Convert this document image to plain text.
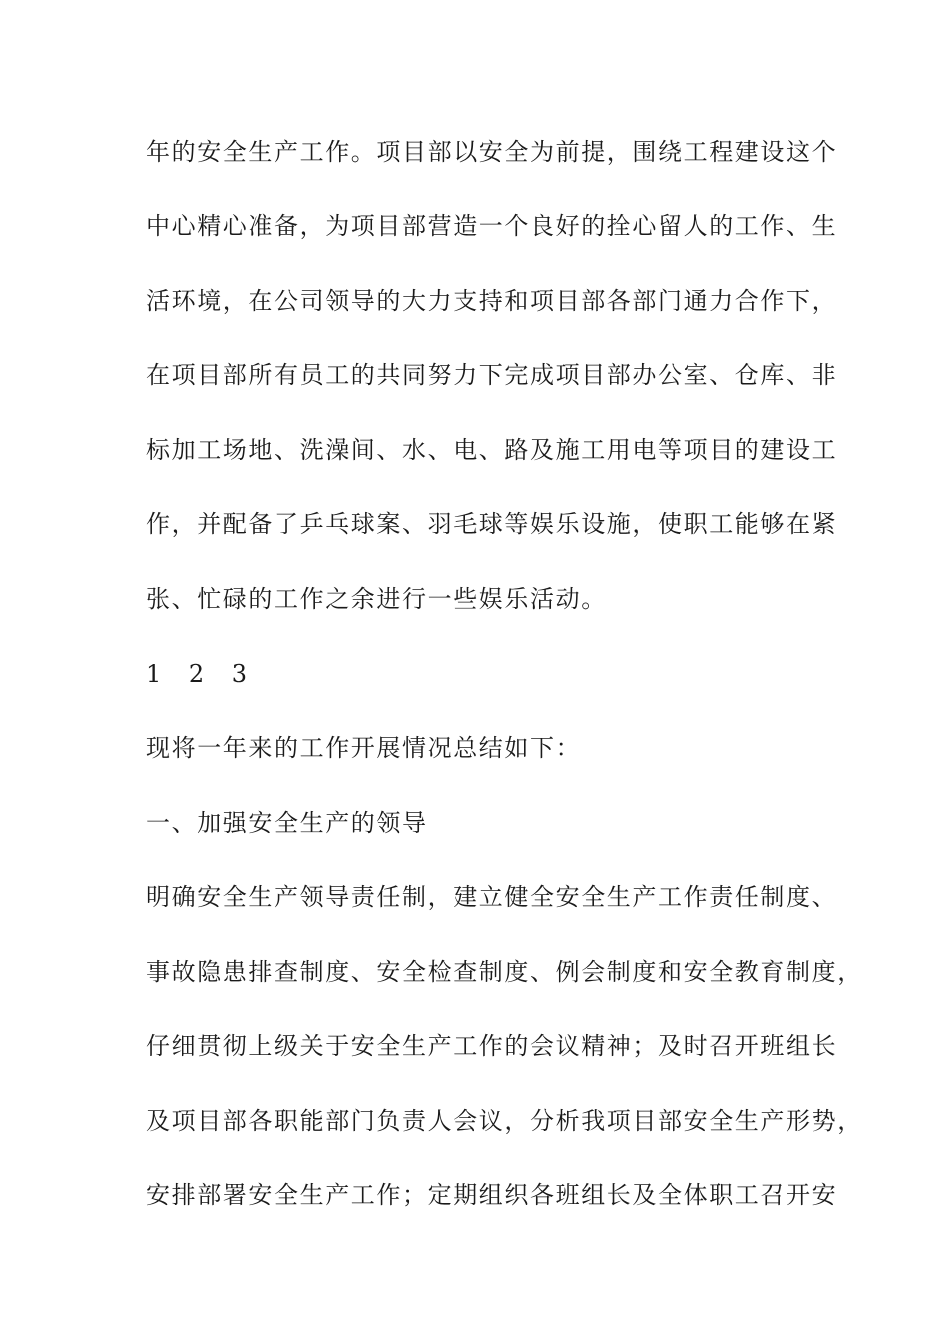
年的安全生产工作。项目部以安全为前提，围绕工程建设这个
中心精心准备，为项目部营造一个良好的拴心留人的工作、生
活环境，在公司领导的大力支持和项目部各部门通力合作下，
在项目部所有员工的共同努力下完成项目部办公室、仓库、非
标加工场地、洗澡间、水、电、路及施工用电等项目的建设工
作，并配备了乒乓球案、羽毛球等娱乐设施，使职工能够在紧
张、忙碌的工作之余进行一些娱乐活动。
1 2 3
现将一年来的工作开展情况总结如下：
一、加强安全生产的领导
明确安全生产领导责任制，建立健全安全生产工作责任制度、
事故隐患排查制度、安全检查制度、例会制度和安全教育制度，
仔细贯彻上级关于安全生产工作的会议精神；及时召开班组长
及项目部各职能部门负责人会议，分析我项目部安全生产形势，
安排部署安全生产工作；定期组织各班组长及全体职工召开安
